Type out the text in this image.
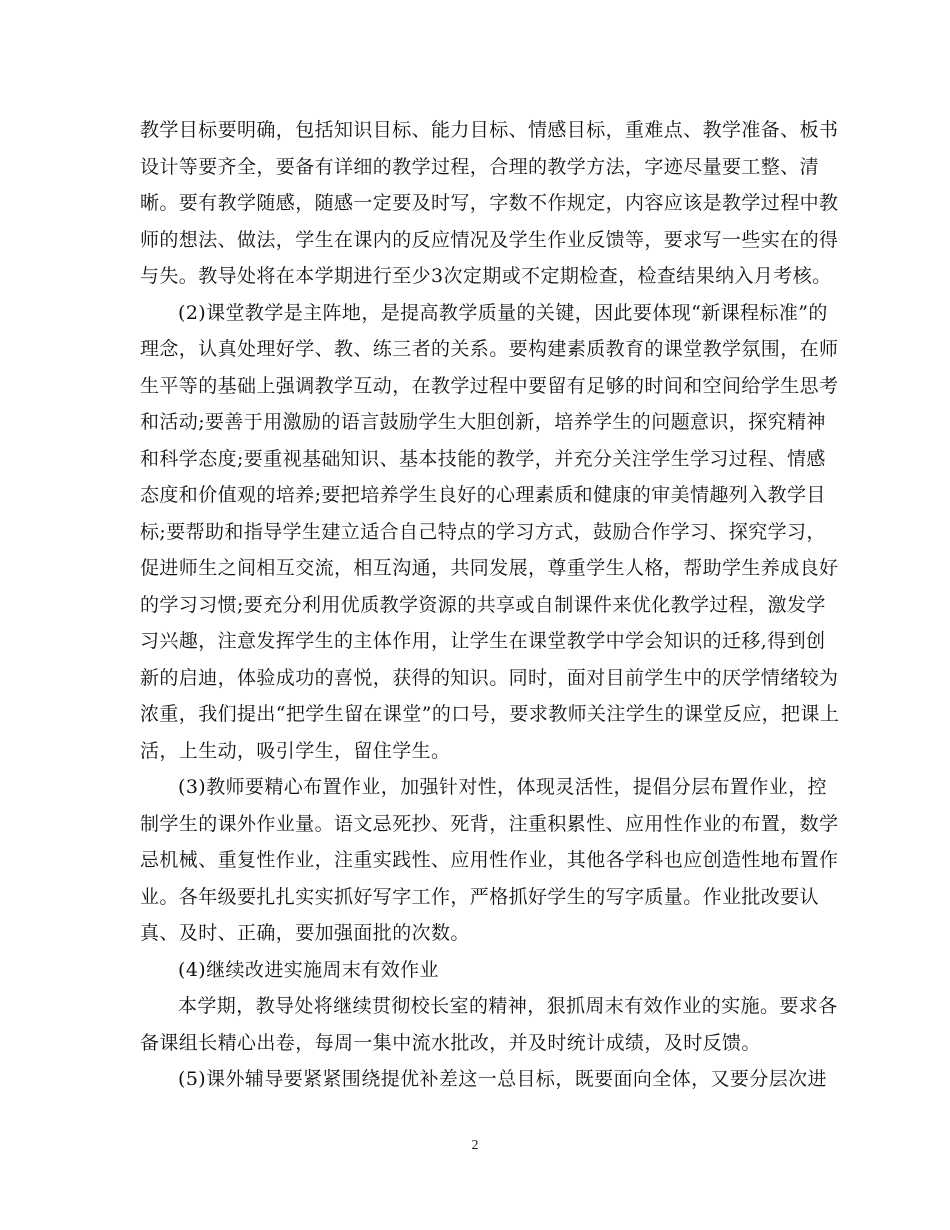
教学目标要明确，包括知识目标、能力目标、情感目标，重难点、教学准备、板书
设计等要齐全，要备有详细的教学过程，合理的教学方法，字迹尽量要工整、清
晰。要有教学随感，随感一定要及时写，字数不作规定，内容应该是教学过程中教
师的想法、做法，学生在课内的反应情况及学生作业反馈等，要求写一些实在的得
与失。教导处将在本学期进行至少3次定期或不定期检查，检查结果纳入月考核。

(2)课堂教学是主阵地，是提高教学质量的关键，因此要体现“新课程标准”的
理念，认真处理好学、教、练三者的关系。要构建素质教育的课堂教学氛围，在师
生平等的基础上强调教学互动，在教学过程中要留有足够的时间和空间给学生思考
和活动;要善于用激励的语言鼓励学生大胆创新，培养学生的问题意识，探究精神
和科学态度;要重视基础知识、基本技能的教学，并充分关注学生学习过程、情感
态度和价值观的培养;要把培养学生良好的心理素质和健康的审美情趣列入教学目
标;要帮助和指导学生建立适合自己特点的学习方式，鼓励合作学习、探究学习，
促进师生之间相互交流，相互沟通，共同发展，尊重学生人格，帮助学生养成良好
的学习习惯;要充分利用优质教学资源的共享或自制课件来优化教学过程，激发学
习兴趣，注意发挥学生的主体作用，让学生在课堂教学中学会知识的迁移,得到创
新的启迪，体验成功的喜悦，获得的知识。同时，面对目前学生中的厌学情绪较为
浓重，我们提出“把学生留在课堂”的口号，要求教师关注学生的课堂反应，把课上
活，上生动，吸引学生，留住学生。

(3)教师要精心布置作业，加强针对性，体现灵活性，提倡分层布置作业，控
制学生的课外作业量。语文忌死抄、死背，注重积累性、应用性作业的布置，数学
忌机械、重复性作业，注重实践性、应用性作业，其他各学科也应创造性地布置作
业。各年级要扎扎实实抓好写字工作，严格抓好学生的写字质量。作业批改要认
真、及时、正确，要加强面批的次数。

(4)继续改进实施周末有效作业

本学期，教导处将继续贯彻校长室的精神，狠抓周末有效作业的实施。要求各
备课组长精心出卷，每周一集中流水批改，并及时统计成绩，及时反馈。

(5)课外辅导要紧紧围绕提优补差这一总目标，既要面向全体，又要分层次进

2
